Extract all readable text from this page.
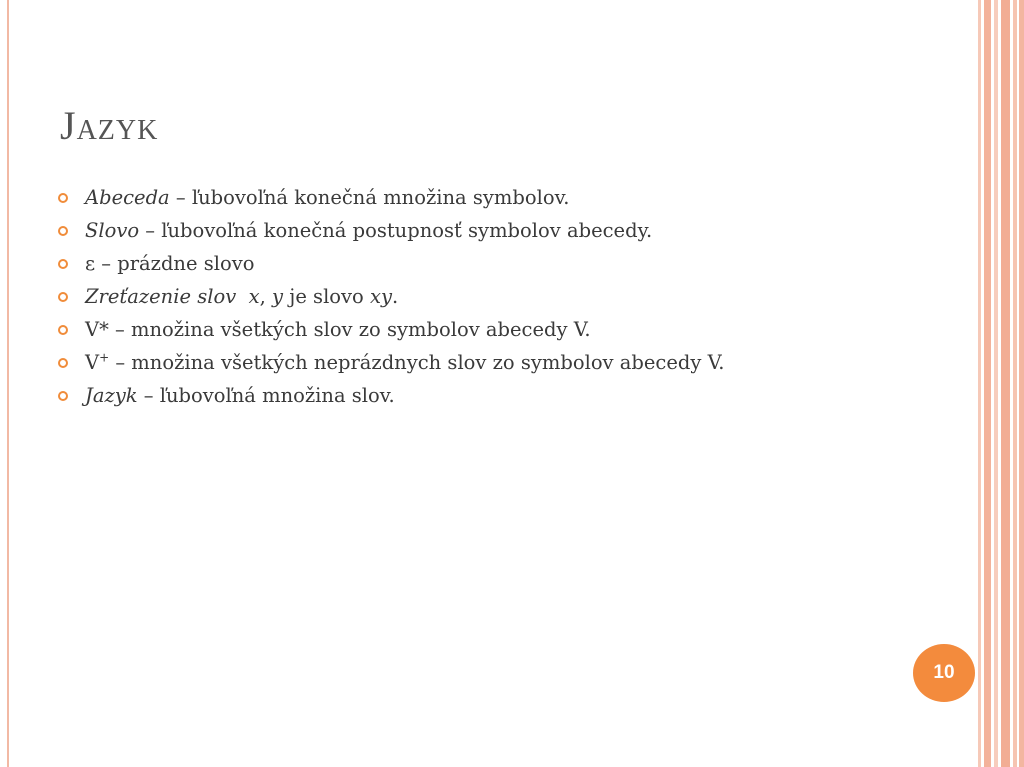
Jazyk
Abeceda – ľubovoľná konečná množina symbolov.
Slovo – ľubovoľná konečná postupnosť symbolov abecedy.
ε – prázdne slovo
Zreťazenie slov x, y je slovo xy.
V* – množina všetkých slov zo symbolov abecedy V.
V+ – množina všetkých neprázdnych slov zo symbolov abecedy V.
Jazyk – ľubovoľná množina slov.
10
